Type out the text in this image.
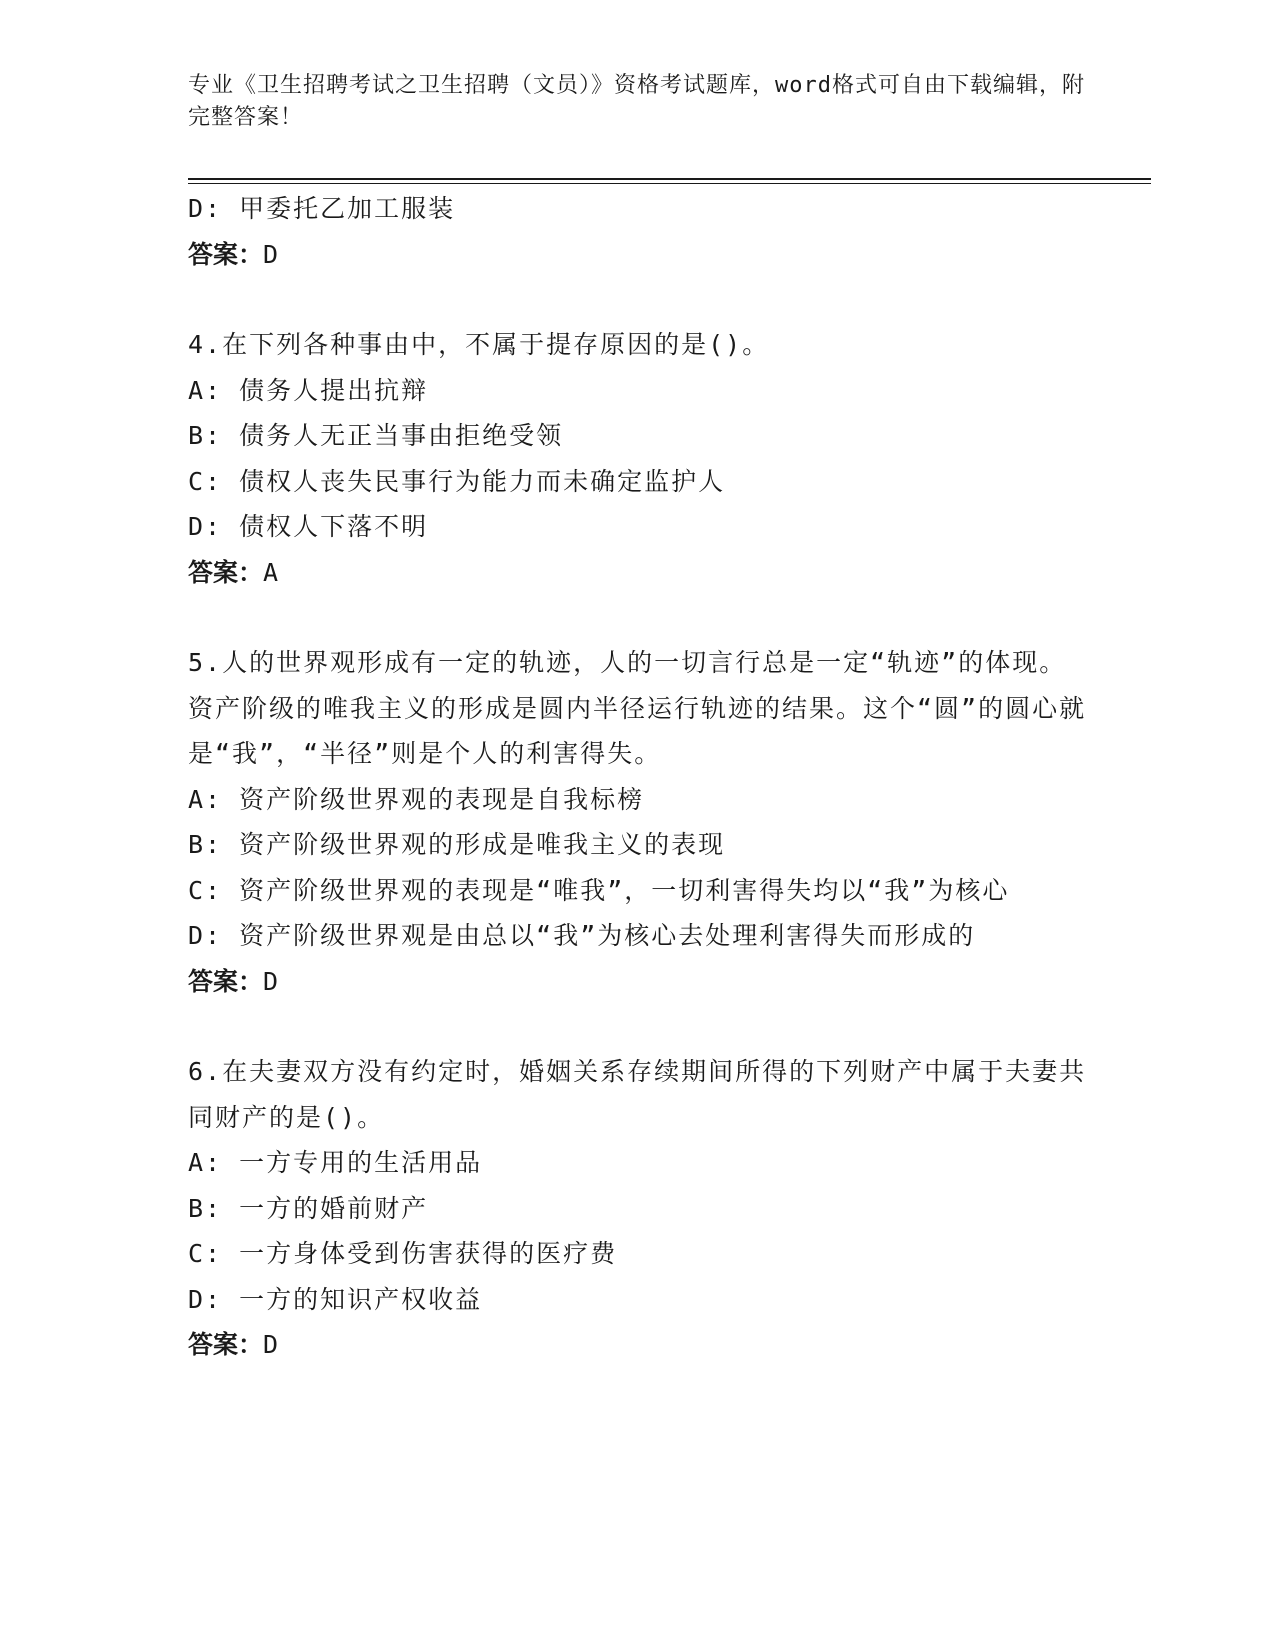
专业《卫生招聘考试之卫生招聘（文员）》资格考试题库，word格式可自由下载编辑，附完整答案！

D: 甲委托乙加工服装

答案：D

4.在下列各种事由中，不属于提存原因的是()。

A: 债务人提出抗辩

B: 债务人无正当事由拒绝受领

C: 债权人丧失民事行为能力而未确定监护人

D: 债权人下落不明

答案：A

5.人的世界观形成有一定的轨迹，人的一切言行总是一定“轨迹”的体现。资产阶级的唯我主义的形成是圆内半径运行轨迹的结果。这个“圆”的圆心就是“我”，“半径”则是个人的利害得失。

A: 资产阶级世界观的表现是自我标榜

B: 资产阶级世界观的形成是唯我主义的表现

C: 资产阶级世界观的表现是“唯我”，一切利害得失均以“我”为核心

D: 资产阶级世界观是由总以“我”为核心去处理利害得失而形成的

答案：D

6.在夫妻双方没有约定时，婚姻关系存续期间所得的下列财产中属于夫妻共同财产的是()。

A: 一方专用的生活用品

B: 一方的婚前财产

C: 一方身体受到伤害获得的医疗费

D: 一方的知识产权收益

答案：D
